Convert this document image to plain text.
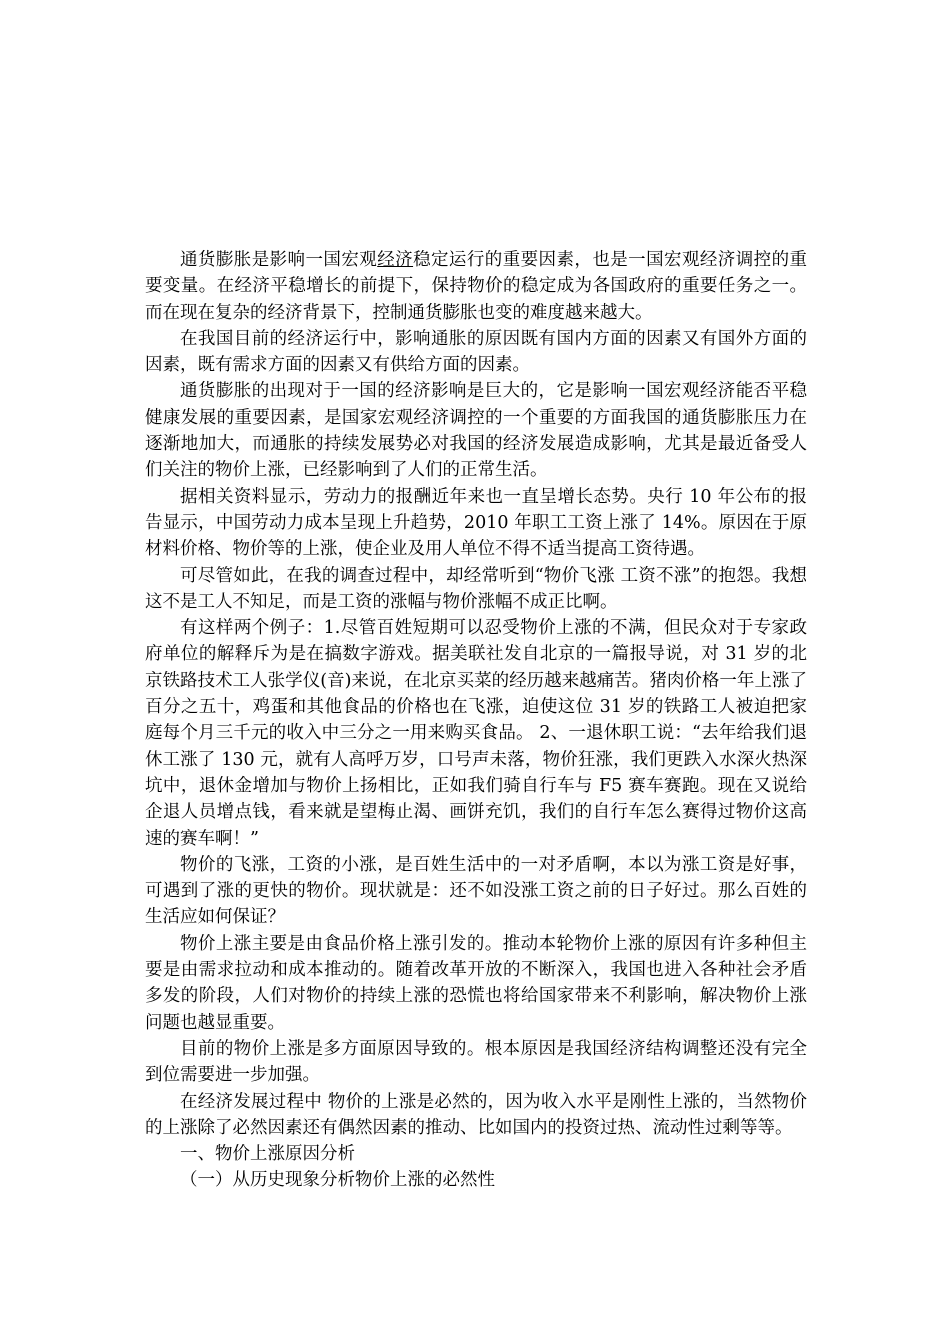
通货膨胀是影响一国宏观经济稳定运行的重要因素，也是一国宏观经济调控的重要变量。在经济平稳增长的前提下，保持物价的稳定成为各国政府的重要任务之一。而在现在复杂的经济背景下，控制通货膨胀也变的难度越来越大。

在我国目前的经济运行中，影响通胀的原因既有国内方面的因素又有国外方面的因素，既有需求方面的因素又有供给方面的因素。

通货膨胀的出现对于一国的经济影响是巨大的，它是影响一国宏观经济能否平稳健康发展的重要因素，是国家宏观经济调控的一个重要的方面我国的通货膨胀压力在逐渐地加大，而通胀的持续发展势必对我国的经济发展造成影响，尤其是最近备受人们关注的物价上涨，已经影响到了人们的正常生活。

据相关资料显示，劳动力的报酬近年来也一直呈增长态势。央行 10 年公布的报告显示，中国劳动力成本呈现上升趋势，2010 年职工工资上涨了 14%。原因在于原材料价格、物价等的上涨，使企业及用人单位不得不适当提高工资待遇。

可尽管如此，在我的调查过程中，却经常听到“物价飞涨 工资不涨”的抱怨。我想这不是工人不知足，而是工资的涨幅与物价涨幅不成正比啊。

有这样两个例子：1.尽管百姓短期可以忍受物价上涨的不满，但民众对于专家政府单位的解释斥为是在搞数字游戏。据美联社发自北京的一篇报导说，对 31 岁的北京铁路技术工人张学仪(音)来说，在北京买菜的经历越来越痛苦。猪肉价格一年上涨了百分之五十，鸡蛋和其他食品的价格也在飞涨，迫使这位 31 岁的铁路工人被迫把家庭每个月三千元的收入中三分之一用来购买食品。 2、一退休职工说：“去年给我们退休工涨了 130 元，就有人高呼万岁，口号声未落，物价狂涨，我们更跌入水深火热深坑中，退休金增加与物价上扬相比，正如我们骑自行车与 F5 赛车赛跑。现在又说给企退人员增点钱，看来就是望梅止渴、画饼充饥，我们的自行车怎么赛得过物价这高速的赛车啊！”

物价的飞涨，工资的小涨，是百姓生活中的一对矛盾啊，本以为涨工资是好事，可遇到了涨的更快的物价。现状就是：还不如没涨工资之前的日子好过。那么百姓的生活应如何保证？

物价上涨主要是由食品价格上涨引发的。推动本轮物价上涨的原因有许多种但主要是由需求拉动和成本推动的。随着改革开放的不断深入，我国也进入各种社会矛盾多发的阶段，人们对物价的持续上涨的恐慌也将给国家带来不利影响，解决物价上涨问题也越显重要。

目前的物价上涨是多方面原因导致的。根本原因是我国经济结构调整还没有完全到位需要进一步加强。

在经济发展过程中 物价的上涨是必然的，因为收入水平是刚性上涨的，当然物价的上涨除了必然因素还有偶然因素的推动、比如国内的投资过热、流动性过剩等等。

一、物价上涨原因分析

（一）从历史现象分析物价上涨的必然性
